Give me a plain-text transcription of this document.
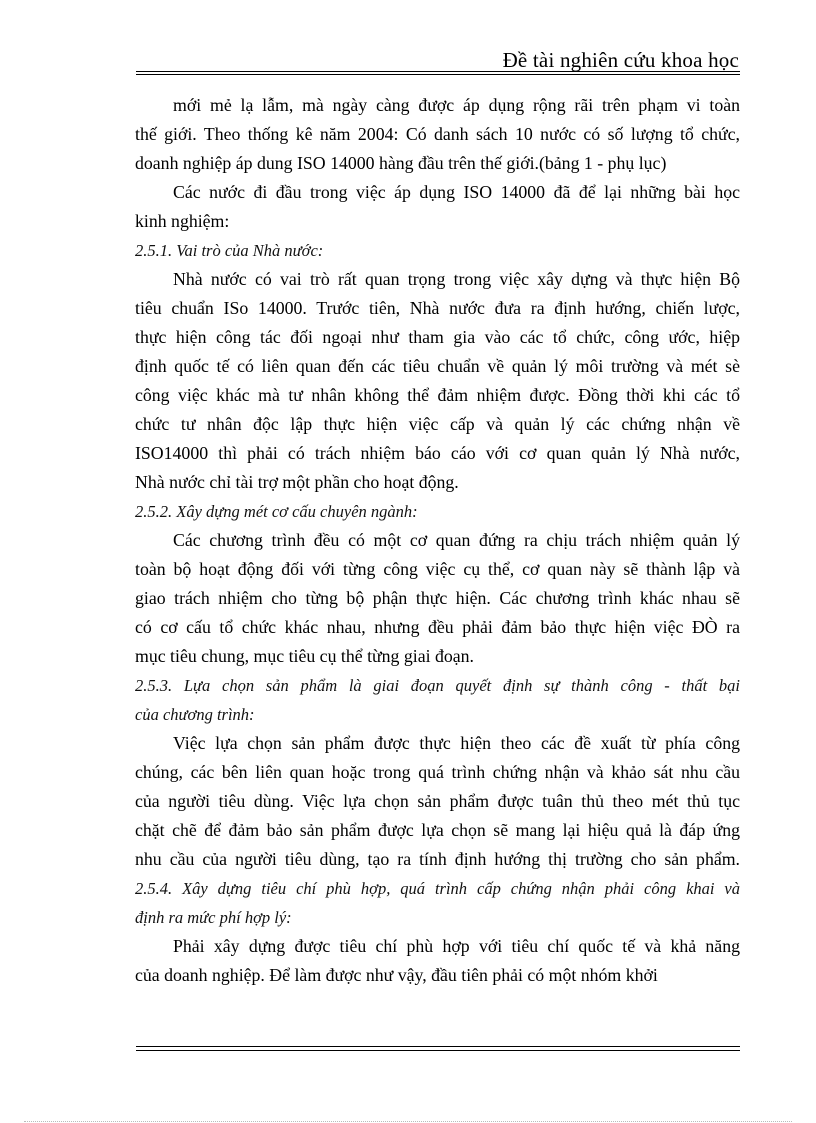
Đề tài nghiên cứu khoa học
mới mẻ lạ lẫm, mà ngày càng được áp dụng rộng rãi trên phạm vi toàn
thế giới. Theo thống kê năm 2004: Có danh sách 10 nước có số lượng tổ chức,
doanh nghiệp áp dung ISO 14000 hàng đầu trên thế giới.(bảng 1 - phụ lục)
Các nước đi đầu trong việc áp dụng ISO 14000 đã để lại những bài học
kinh nghiệm:
2.5.1. Vai trò của Nhà nước:
Nhà nước có vai trò rất quan trọng trong việc xây dựng và thực hiện Bộ
tiêu chuẩn ISo 14000. Trước tiên, Nhà nước đưa ra định hướng, chiến lược,
thực hiện công tác đối ngoại như tham gia vào các tổ chức, công ước, hiệp
định quốc tế có liên quan đến các tiêu chuẩn về quản lý môi trường và mét sè
công việc khác mà tư nhân không thể đảm nhiệm được. Đồng thời khi các tổ
chức tư nhân độc lập thực hiện việc cấp và quản lý các chứng nhận về
ISO14000 thì phải có trách nhiệm báo cáo với cơ quan quản lý Nhà nước,
Nhà nước chỉ tài trợ một phần cho hoạt động.
2.5.2. Xây dựng mét cơ cấu chuyên ngành:
Các chương trình đều có một cơ quan đứng ra chịu trách nhiệm quản lý
toàn bộ hoạt động đối với từng công việc cụ thể, cơ quan này sẽ thành lập và
giao trách nhiệm cho từng bộ phận thực hiện. Các chương trình khác nhau sẽ
có cơ cấu tổ chức khác nhau, nhưng đều phải đảm bảo thực hiện việc ĐÒ ra
mục tiêu chung, mục tiêu cụ thể từng giai đoạn.
2.5.3. Lựa chọn sản phẩm là giai đoạn quyết định sự thành công - thất bại
của chương trình:
Việc lựa chọn sản phẩm được thực hiện theo các đề xuất từ phía công
chúng, các bên liên quan hoặc trong quá trình chứng nhận và khảo sát nhu cầu
của người tiêu dùng. Việc lựa chọn sản phẩm được tuân thủ theo mét thủ tục
chặt chẽ để đảm bảo sản phẩm được lựa chọn sẽ mang lại hiệu quả là đáp ứng
nhu cầu của người tiêu dùng, tạo ra tính định hướng thị trường cho sản phẩm.
2.5.4. Xây dựng tiêu chí phù hợp, quá trình cấp chứng nhận phải công khai và
định ra mức phí hợp lý:
Phải xây dựng được tiêu chí phù hợp với tiêu chí quốc tế và khả năng
của doanh nghiệp. Để làm được như vậy, đầu tiên phải có một nhóm khởi
